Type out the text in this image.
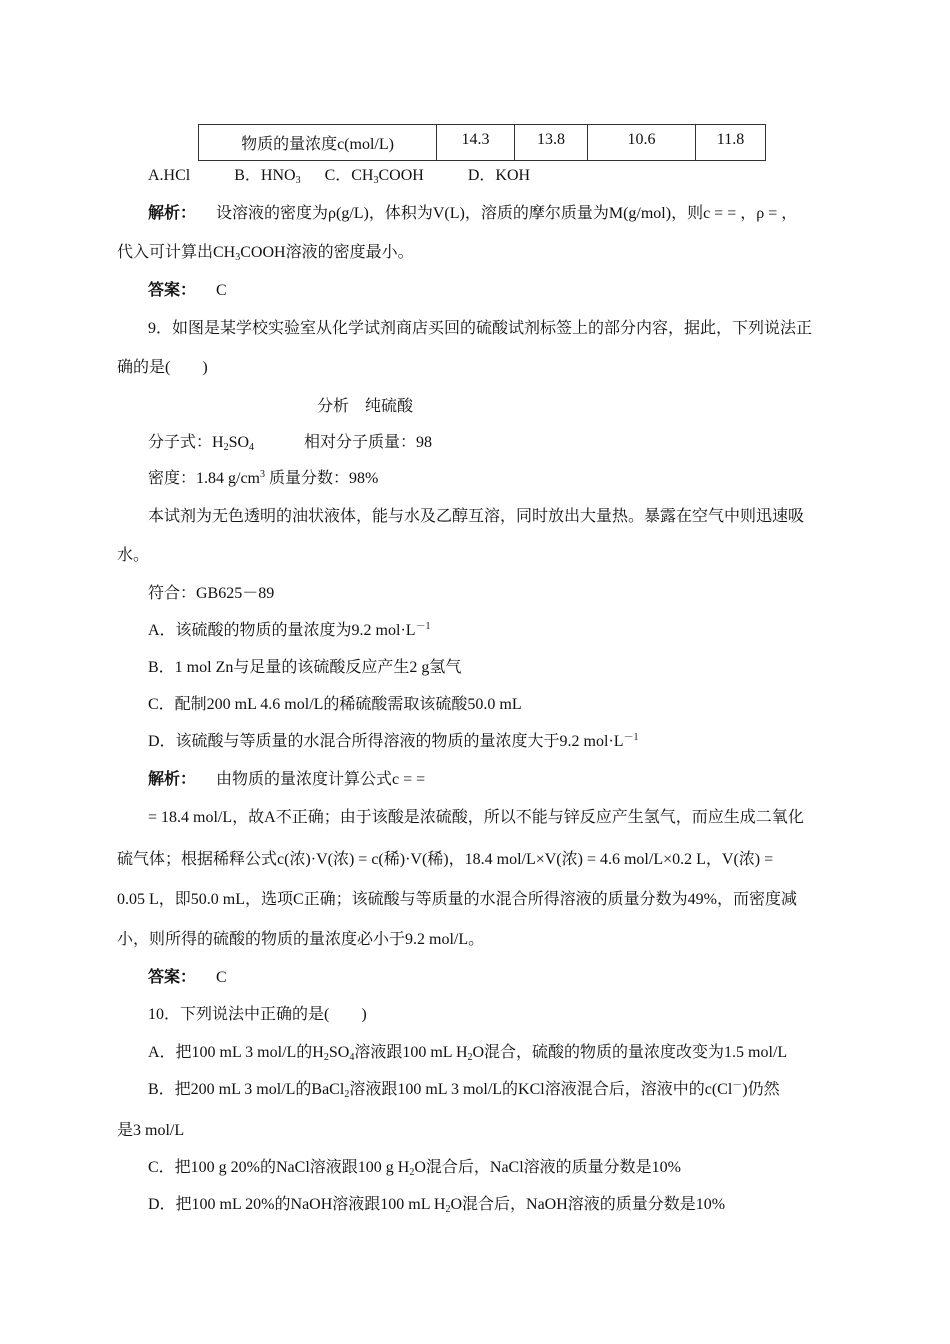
物质的量浓度c(mol/L)	14.3	13.8	10.6	11.8
A.HCl	B．$HNO_3$ C．$CH_3COOH$	D．KOH
解析： 设溶液的密度为ρ(g/L)，体积为V(L)，溶质的摩尔质量为M(g/mol)，则c = = ，ρ = ，
代入可计算出$CH_3COOH$溶液的密度最小。
答案： C
9．如图是某学校实验室从化学试剂商店买回的硫酸试剂标签上的部分内容，据此，下列说法正
确的是(　　)
分析　纯硫酸
分子式：$H_2SO_4$	相对分子质量：98
密度：1.84 $g/cm^3$ 质量分数：98%
本试剂为无色透明的油状液体，能与水及乙醇互溶，同时放出大量热。暴露在空气中则迅速吸
水。
符合：GB625－89
A．该硫酸的物质的量浓度为9.2 $mol\cdot L^{-1}$
B．1 mol Zn与足量的该硫酸反应产生2 g氢气
C．配制200 mL 4.6 mol/L的稀硫酸需取该硫酸50.0 mL
D．该硫酸与等质量的水混合所得溶液的物质的量浓度大于9.2 $mol\cdot L^{-1}$
解析： 由物质的量浓度计算公式c = =
= 18.4 mol/L，故A不正确；由于该酸是浓硫酸，所以不能与锌反应产生氢气，而应生成二氧化
硫气体；根据稀释公式c(浓)·V(浓) = c(稀)·V(稀)，18.4 mol/L×V(浓) = 4.6 mol/L×0.2 L，V(浓) =
0.05 L，即50.0 mL，选项C正确；该硫酸与等质量的水混合所得溶液的质量分数为49%，而密度减
小，则所得的硫酸的物质的量浓度必小于9.2 mol/L。
答案： C
10．下列说法中正确的是(　　)
A．把100 mL 3 mol/L的$H_2SO_4$溶液跟100 mL $H_2O$混合，硫酸的物质的量浓度改变为1.5 mol/L
B．把200 mL 3 mol/L的BaCl$_2$溶液跟100 mL 3 mol/L的KCl溶液混合后，溶液中的c(Cl－)仍然
是3 mol/L
C．把100 g 20%的NaCl溶液跟100 g $H_2O$混合后，NaCl溶液的质量分数是10%
D．把100 mL 20%的NaOH溶液跟100 mL $H_2O$混合后，NaOH溶液的质量分数是10%
